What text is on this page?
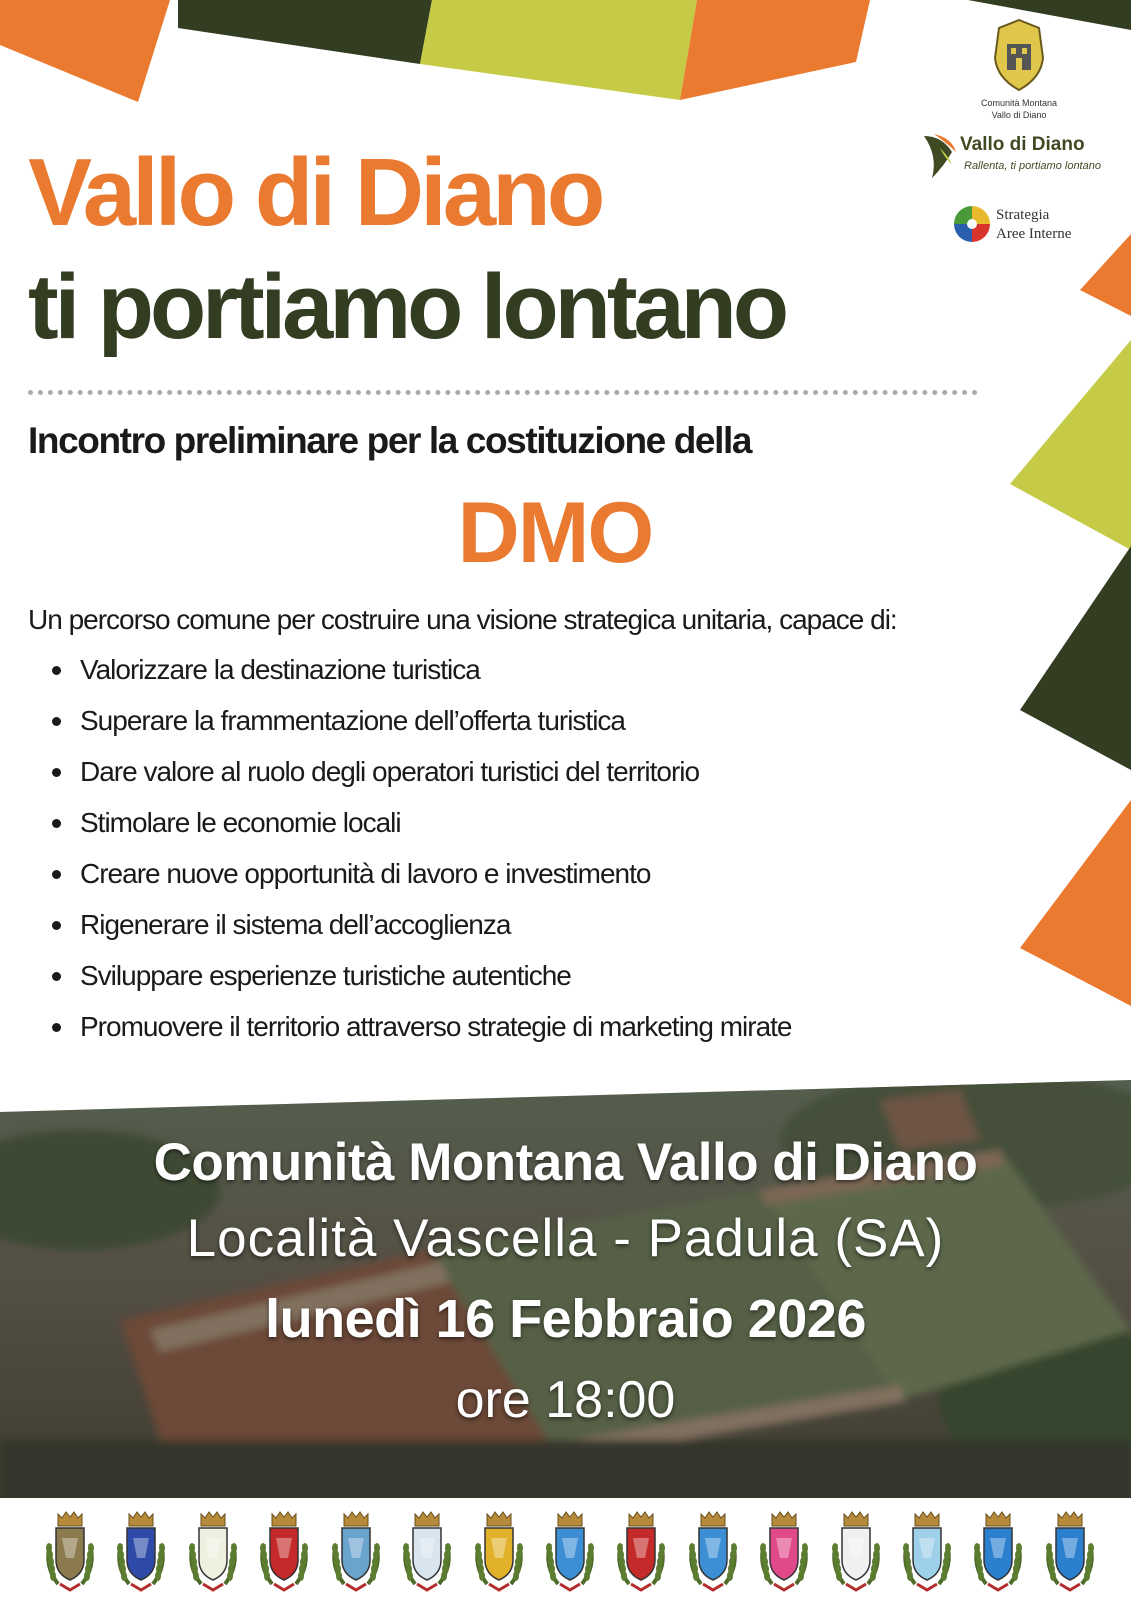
Comunità Montana
Vallo di Diano
Vallo di Diano
Rallenta, ti portiamo lontano
Strategia
Aree Interne
Vallo di Diano
ti portiamo lontano
Incontro preliminare per la costituzione della
DMO
Un percorso comune per costruire una visione strategica unitaria, capace di:
Valorizzare la destinazione turistica
Superare la frammentazione dell’offerta turistica
Dare valore al ruolo degli operatori turistici del territorio
Stimolare le economie locali
Creare nuove opportunità di lavoro e investimento
Rigenerare il sistema dell’accoglienza
Sviluppare esperienze turistiche autentiche
Promuovere il territorio attraverso strategie di marketing mirate
Comunità Montana Vallo di Diano
Località Vascella - Padula (SA)
lunedì 16 Febbraio 2026
ore 18:00
